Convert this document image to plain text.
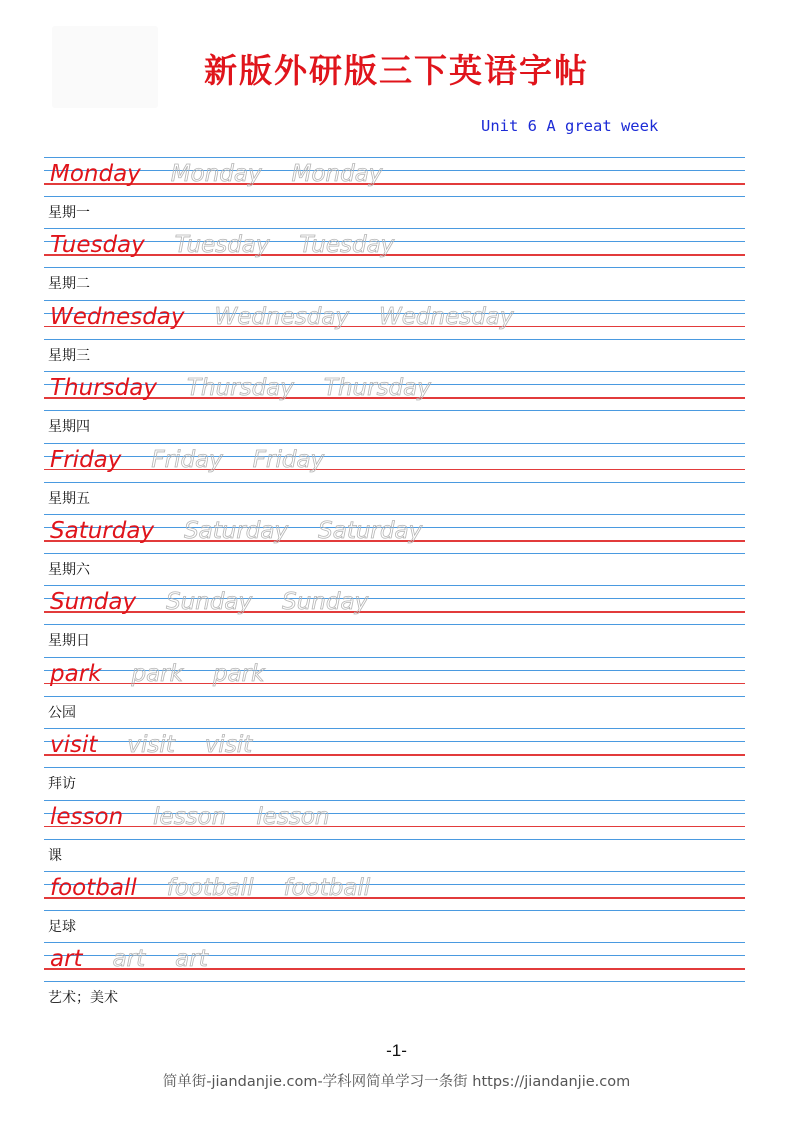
新版外研版三下英语字帖
Unit 6 A great week
Monday Monday Monday
星期一
Tuesday Tuesday Tuesday
星期二
Wednesday Wednesday Wednesday
星期三
Thursday Thursday Thursday
星期四
Friday Friday Friday
星期五
Saturday Saturday Saturday
星期六
Sunday Sunday Sunday
星期日
park park park
公园
visit visit visit
拜访
lesson lesson lesson
课
football football football
足球
art art art
艺术；美术
-1-
简单街-jiandanjie.com-学科网简单学习一条街 https://jiandanjie.com
